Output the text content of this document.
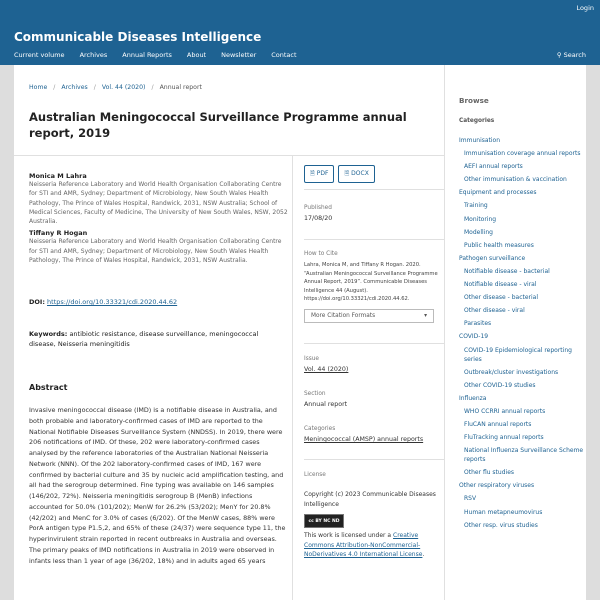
Login
Communicable Diseases Intelligence
Current volume Archives Annual Reports About Newsletter Contact	⚲ Search
Home / Archives / Vol. 44 (2020) / Annual report
Australian Meningococcal Surveillance Programme annual report, 2019
Monica M Lahra
Neisseria Reference Laboratory and World Health Organisation Collaborating Centre for STI and AMR, Sydney; Department of Microbiology, New South Wales Health Pathology, The Prince of Wales Hospital, Randwick, 2031, NSW Australia; School of Medical Sciences, Faculty of Medicine, The University of New South Wales, NSW, 2052 Australia.
Tiffany R Hogan
Neisseria Reference Laboratory and World Health Organisation Collaborating Centre for STI and AMR, Sydney; Department of Microbiology, New South Wales Health Pathology, The Prince of Wales Hospital, Randwick, 2031, NSW Australia.
DOI: https://doi.org/10.33321/cdi.2020.44.62
Keywords: antibiotic resistance, disease surveillance, meningococcal disease, Neisseria meningitidis
Abstract

Invasive meningococcal disease (IMD) is a notifiable disease in Australia, and both probable and laboratory-confirmed cases of IMD are reported to the National Notifiable Diseases Surveillance System (NNDSS). In 2019, there were 206 notifications of IMD. Of these, 202 were laboratory-confirmed cases analysed by the reference laboratories of the Australian National Neisseria Network (NNN). Of the 202 laboratory-confirmed cases of IMD, 167 were confirmed by bacterial culture and 35 by nucleic acid amplification testing, and all had the serogroup determined. Fine typing was available on 146 samples (146/202, 72%). Neisseria meningitidis serogroup B (MenB) infections accounted for 50.0% (101/202); MenW for 26.2% (53/202); MenY for 20.8% (42/202) and MenC for 3.0% of cases (6/202). Of the MenW cases, 88% were PorA antigen type P1.5,2, and 65% of these (24/37) were sequence type 11, the hyperinvirulent strain reported in recent outbreaks in Australia and overseas.

The primary peaks of IMD notifications in Australia in 2019 were observed in infants less than 1 year of age (36/202, 18%) and in adults aged 65 years

🗎 PDF	🗎 DOCX
Published
17/08/20
How to Cite
Lahra, Monica M, and Tiffany R Hogan. 2020. “Australian Meningococcal Surveillance Programme Annual Report, 2019”. Communicable Diseases Intelligence 44 (August). https://doi.org/10.33321/cdi.2020.44.62.
More Citation Formats	▾
Issue
Vol. 44 (2020)
Section
Annual report
Categories
Meningococcal (AMSP) annual reports
License
Copyright (c) 2023 Communicable Diseases Intelligence
cc BY NC ND
This work is licensed under a Creative Commons Attribution-NonCommercial-NoDerivatives 4.0 International License.
Browse
Categories
Immunisation
Immunisation coverage annual reports
AEFI annual reports
Other immunisation & vaccination
Equipment and processes
Training
Monitoring
Modelling
Public health measures
Pathogen surveillance
Notifiable disease - bacterial
Notifiable disease - viral
Other disease - bacterial
Other disease - viral
Parasites
COVID-19
COVID-19 Epidemiological reporting series
Outbreak/cluster investigations
Other COVID-19 studies
Influenza
WHO CCRRI annual reports
FluCAN annual reports
FluTracking annual reports
National Influenza Surveillance Scheme reports
Other flu studies
Other respiratory viruses
RSV
Human metapneumovirus
Other resp. virus studies
